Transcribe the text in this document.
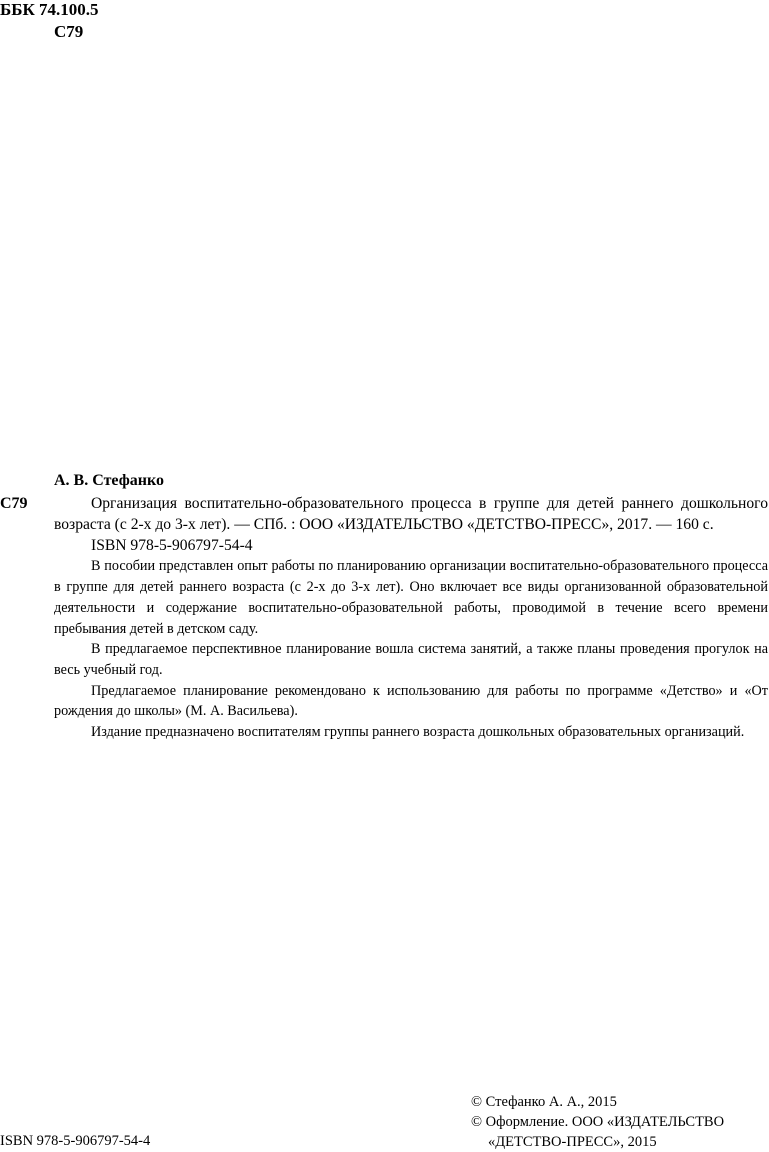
ББК 74.100.5
С79
А. В. Стефанко
С79	Организация воспитательно-образовательного процесса в группе для детей раннего дошкольного возраста (с 2-х до 3-х лет). — СПб. : ООО «ИЗДАТЕЛЬСТВО «ДЕТСТВО-ПРЕСС», 2017. — 160 с.

ISBN 978-5-906797-54-4

В пособии представлен опыт работы по планированию организации воспитательно-образовательного процесса в группе для детей раннего возраста (с 2-х до 3-х лет). Оно включает все виды организованной образовательной деятельности и содержание воспитательно-образовательной работы, проводимой в течение всего времени пребывания детей в детском саду.

В предлагаемое перспективное планирование вошла система занятий, а также планы проведения прогулок на весь учебный год.

Предлагаемое планирование рекомендовано к использованию для работы по программе «Детство» и «От рождения до школы» (М. А. Васильева).

Издание предназначено воспитателям группы раннего возраста дошкольных образовательных организаций.

© Стефанко А. А., 2015
© Оформление. ООО «ИЗДАТЕЛЬСТВО
«ДЕТСТВО-ПРЕСС», 2015
ISBN 978-5-906797-54-4
